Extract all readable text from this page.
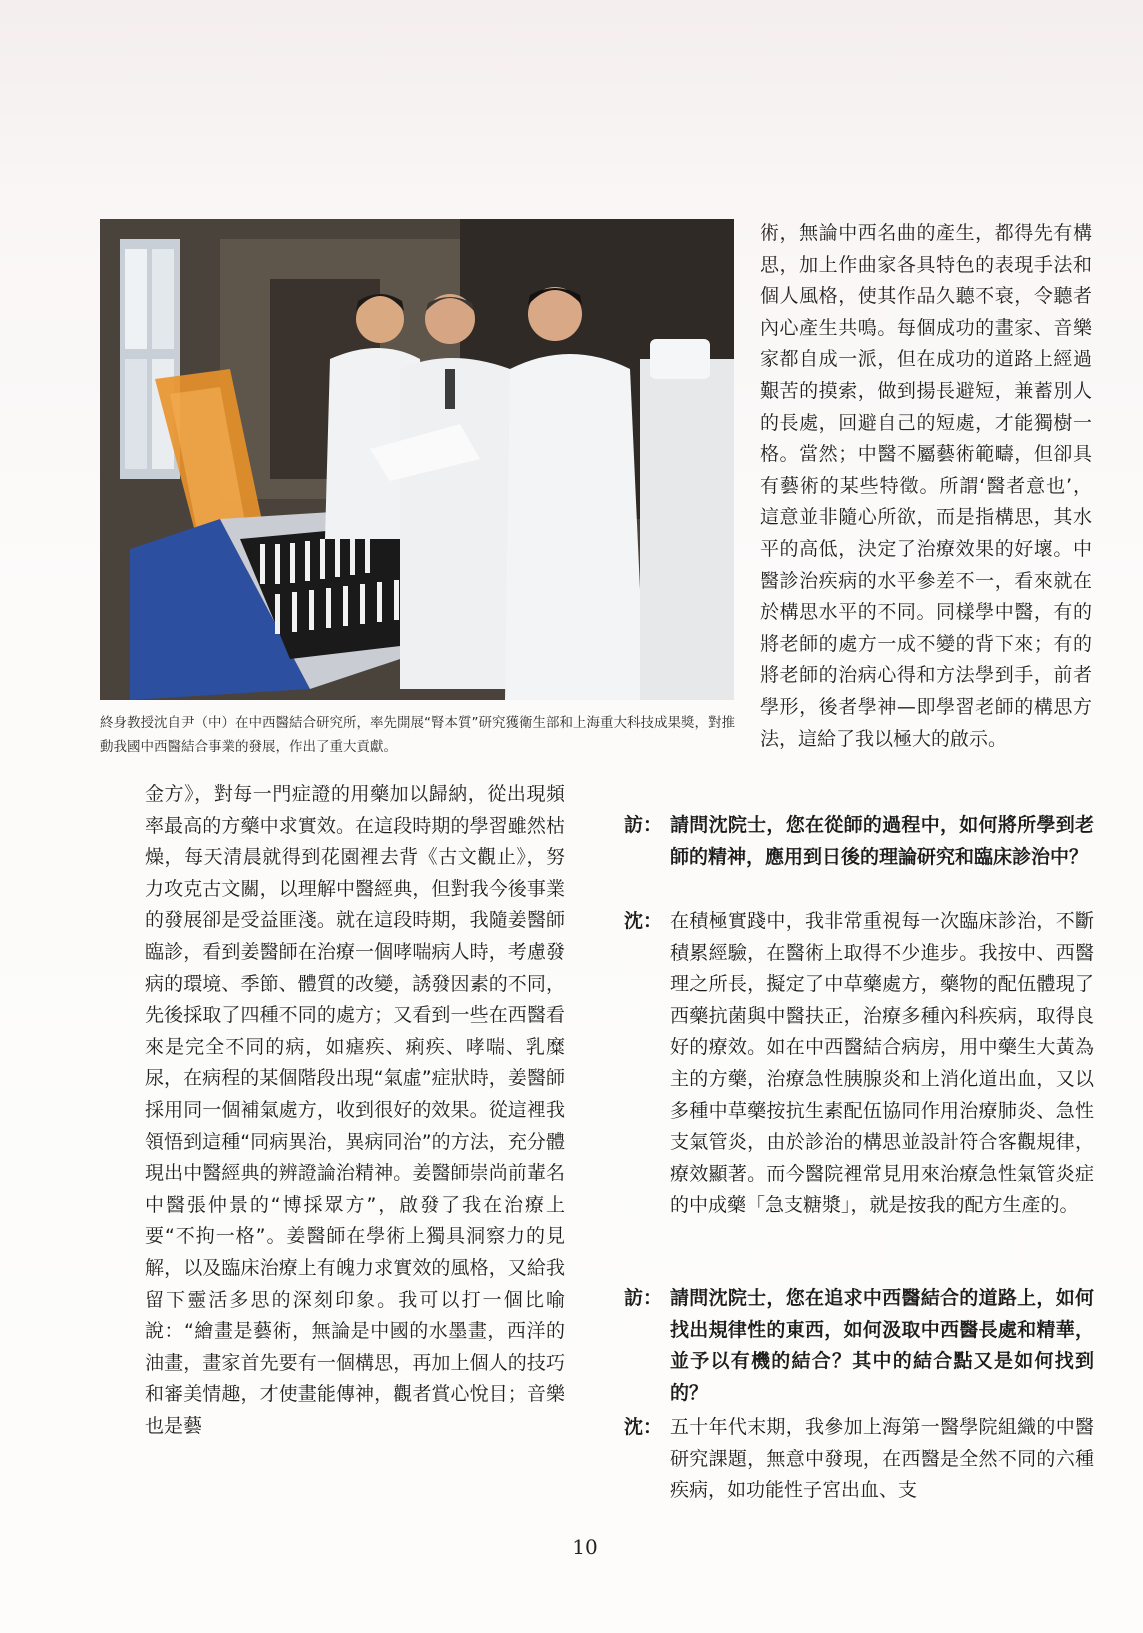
終身教授沈自尹（中）在中西醫結合研究所，率先開展“腎本質”研究獲衛生部和上海重大科技成果獎，對推動我國中西醫結合事業的發展，作出了重大貢獻。

術，無論中西名曲的產生，都得先有構思，加上作曲家各具特色的表現手法和個人風格，使其作品久聽不衰，令聽者內心產生共鳴。每個成功的畫家、音樂家都自成一派，但在成功的道路上經過艱苦的摸索，做到揚長避短，兼蓄別人的長處，回避自己的短處，才能獨樹一格。當然；中醫不屬藝術範疇，但卻具有藝術的某些特徵。所謂‘醫者意也’，這意並非隨心所欲，而是指構思，其水平的高低，決定了治療效果的好壞。中醫診治疾病的水平參差不一，看來就在於構思水平的不同。同樣學中醫，有的將老師的處方一成不變的背下來；有的將老師的治病心得和方法學到手，前者學形，後者學神—即學習老師的構思方法，這給了我以極大的啟示。

金方》，對每一門症證的用藥加以歸納，從出現頻率最高的方藥中求實效。在這段時期的學習雖然枯燥，每天清晨就得到花園裡去背《古文觀止》，努力攻克古文關，以理解中醫經典，但對我今後事業的發展卻是受益匪淺。就在這段時期，我隨姜醫師臨診，看到姜醫師在治療一個哮喘病人時，考慮發病的環境、季節、體質的改變，誘發因素的不同，先後採取了四種不同的處方；又看到一些在西醫看來是完全不同的病，如瘧疾、痢疾、哮喘、乳糜尿，在病程的某個階段出現“氣虛”症狀時，姜醫師採用同一個補氣處方，收到很好的效果。從這裡我領悟到這種“同病異治，異病同治”的方法，充分體現出中醫經典的辨證論治精神。姜醫師崇尚前輩名中醫張仲景的“博採眾方”，啟發了我在治療上要“不拘一格”。姜醫師在學術上獨具洞察力的見解，以及臨床治療上有魄力求實效的風格，又給我留下靈活多思的深刻印象。我可以打一個比喻說：“繪畫是藝術，無論是中國的水墨畫，西洋的油畫，畫家首先要有一個構思，再加上個人的技巧和審美情趣，才使畫能傳神，觀者賞心悅目；音樂也是藝

訪： 請問沈院士，您在從師的過程中，如何將所學到老師的精神，應用到日後的理論研究和臨床診治中？
沈： 在積極實踐中，我非常重視每一次臨床診治，不斷積累經驗，在醫術上取得不少進步。我按中、西醫理之所長，擬定了中草藥處方，藥物的配伍體現了西藥抗菌與中醫扶正，治療多種內科疾病，取得良好的療效。如在中西醫結合病房，用中藥生大黃為主的方藥，治療急性胰腺炎和上消化道出血，又以多種中草藥按抗生素配伍協同作用治療肺炎、急性支氣管炎，由於診治的構思並設計符合客觀規律，療效顯著。而今醫院裡常見用來治療急性氣管炎症的中成藥「急支糖漿」，就是按我的配方生產的。
訪： 請問沈院士，您在追求中西醫結合的道路上，如何找出規律性的東西，如何汲取中西醫長處和精華，並予以有機的結合？其中的結合點又是如何找到的？
沈： 五十年代末期，我參加上海第一醫學院組織的中醫研究課題，無意中發現，在西醫是全然不同的六種疾病，如功能性子宮出血、支
10
